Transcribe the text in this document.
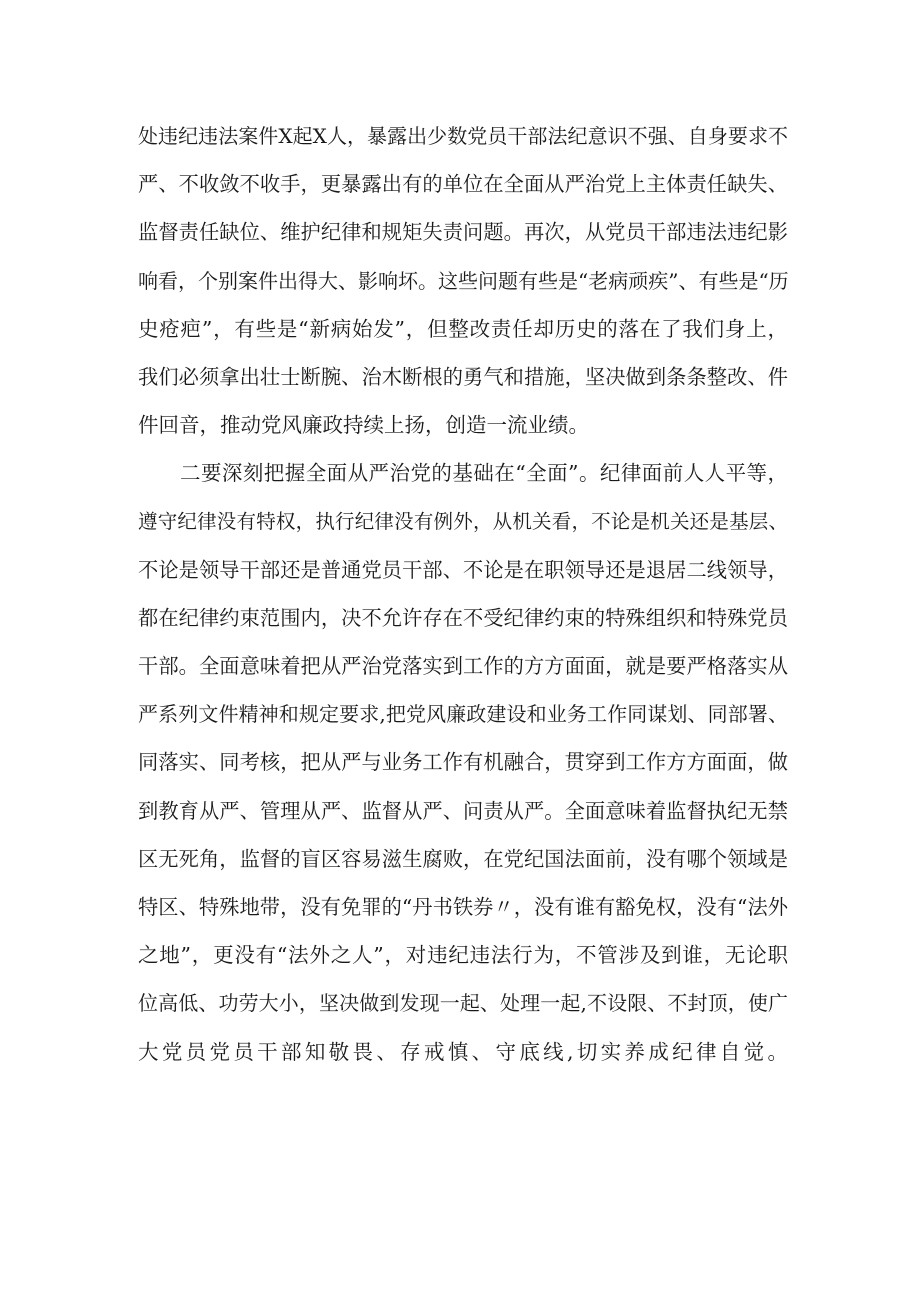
处违纪违法案件X起X人，暴露出少数党员干部法纪意识不强、自身要求不
严、不收敛不收手，更暴露出有的单位在全面从严治党上主体责任缺失、
监督责任缺位、维护纪律和规矩失责问题。再次，从党员干部违法违纪影
响看，个别案件出得大、影响坏。这些问题有些是“老病顽疾”、有些是“历
史疮疤”，有些是“新病始发”，但整改责任却历史的落在了我们身上，
我们必须拿出壮士断腕、治木断根的勇气和措施，坚决做到条条整改、件
件回音，推动党风廉政持续上扬，创造一流业绩。
二要深刻把握全面从严治党的基础在“全面”。纪律面前人人平等，
遵守纪律没有特权，执行纪律没有例外，从机关看，不论是机关还是基层、
不论是领导干部还是普通党员干部、不论是在职领导还是退居二线领导，
都在纪律约束范围内，决不允许存在不受纪律约束的特殊组织和特殊党员
干部。全面意味着把从严治党落实到工作的方方面面，就是要严格落实从
严系列文件精神和规定要求,把党风廉政建设和业务工作同谋划、同部署、
同落实、同考核，把从严与业务工作有机融合，贯穿到工作方方面面，做
到教育从严、管理从严、监督从严、问责从严。全面意味着监督执纪无禁
区无死角，监督的盲区容易滋生腐败，在党纪国法面前，没有哪个领域是
特区、特殊地带，没有免罪的“丹书铁券〃，没有谁有豁免权，没有“法外
之地”，更没有“法外之人”，对违纪违法行为，不管涉及到谁，无论职
位高低、功劳大小，坚决做到发现一起、处理一起,不设限、不封顶，使广
大党员党员干部知敬畏、存戒慎、守底线,切实养成纪律自觉。
